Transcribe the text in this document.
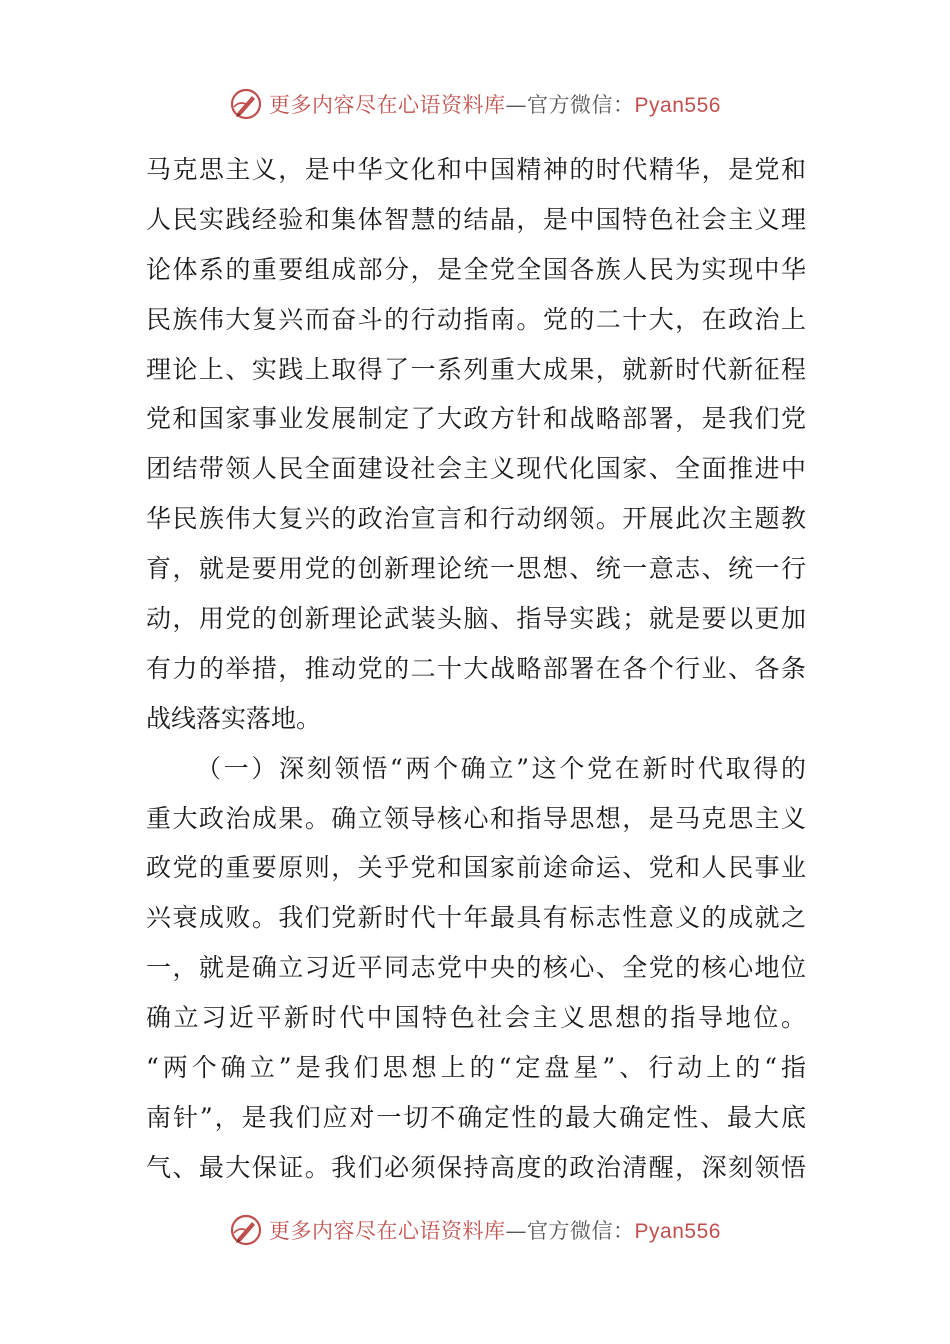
更多内容尽在心语资料库—官方微信：Pyan556
马克思主义，是中华文化和中国精神的时代精华，是党和
人民实践经验和集体智慧的结晶，是中国特色社会主义理
论体系的重要组成部分，是全党全国各族人民为实现中华
民族伟大复兴而奋斗的行动指南。党的二十大，在政治上
理论上、实践上取得了一系列重大成果，就新时代新征程
党和国家事业发展制定了大政方针和战略部署，是我们党
团结带领人民全面建设社会主义现代化国家、全面推进中
华民族伟大复兴的政治宣言和行动纲领。开展此次主题教
育，就是要用党的创新理论统一思想、统一意志、统一行
动，用党的创新理论武装头脑、指导实践；就是要以更加
有力的举措，推动党的二十大战略部署在各个行业、各条
战线落实落地。
（一）深刻领悟“两个确立”这个党在新时代取得的
重大政治成果。确立领导核心和指导思想，是马克思主义
政党的重要原则，关乎党和国家前途命运、党和人民事业
兴衰成败。我们党新时代十年最具有标志性意义的成就之
一，就是确立习近平同志党中央的核心、全党的核心地位
确立习近平新时代中国特色社会主义思想的指导地位。
“两个确立”是我们思想上的“定盘星”、行动上的“指
南针”，是我们应对一切不确定性的最大确定性、最大底
气、最大保证。我们必须保持高度的政治清醒，深刻领悟
更多内容尽在心语资料库—官方微信：Pyan556
